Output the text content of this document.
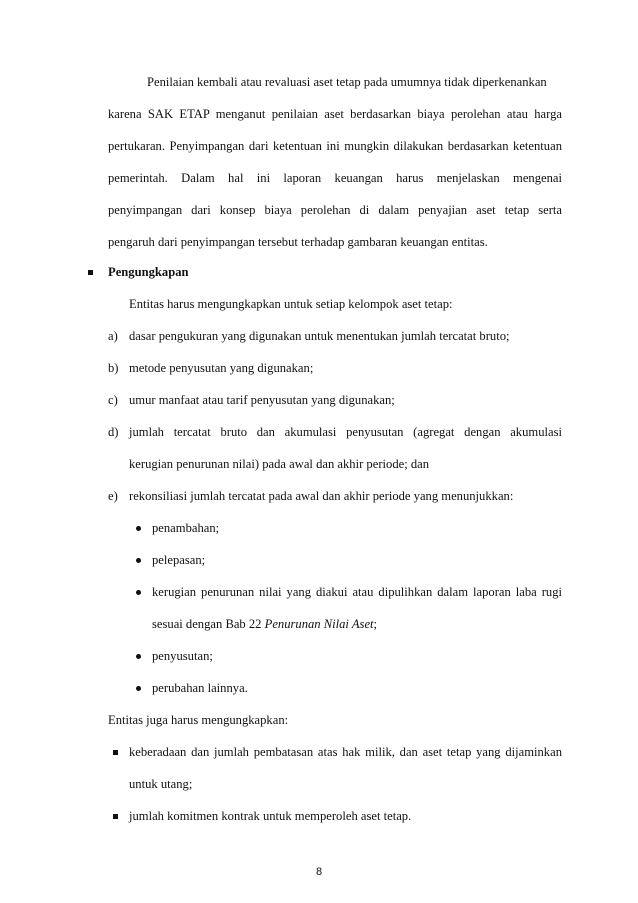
Penilaian kembali atau revaluasi aset tetap pada umumnya tidak diperkenankan
karena SAK ETAP menganut penilaian aset berdasarkan biaya perolehan atau harga
pertukaran. Penyimpangan dari ketentuan ini mungkin dilakukan berdasarkan ketentuan
pemerintah. Dalam hal ini laporan keuangan harus menjelaskan mengenai
penyimpangan dari konsep biaya perolehan di dalam penyajian aset tetap serta
pengaruh dari penyimpangan tersebut terhadap gambaran keuangan entitas.
Pengungkapan
Entitas harus mengungkapkan untuk setiap kelompok aset tetap:
a) dasar pengukuran yang digunakan untuk menentukan jumlah tercatat bruto;
b) metode penyusutan yang digunakan;
c) umur manfaat atau tarif penyusutan yang digunakan;
d) jumlah tercatat bruto dan akumulasi penyusutan (agregat dengan akumulasi
kerugian penurunan nilai) pada awal dan akhir periode; dan
e) rekonsiliasi jumlah tercatat pada awal dan akhir periode yang menunjukkan:
penambahan;
pelepasan;
kerugian penurunan nilai yang diakui atau dipulihkan dalam laporan laba rugi
sesuai dengan Bab 22 Penurunan Nilai Aset;
penyusutan;
perubahan lainnya.
Entitas juga harus mengungkapkan:
keberadaan dan jumlah pembatasan atas hak milik, dan aset tetap yang dijaminkan
untuk utang;
jumlah komitmen kontrak untuk memperoleh aset tetap.
8
